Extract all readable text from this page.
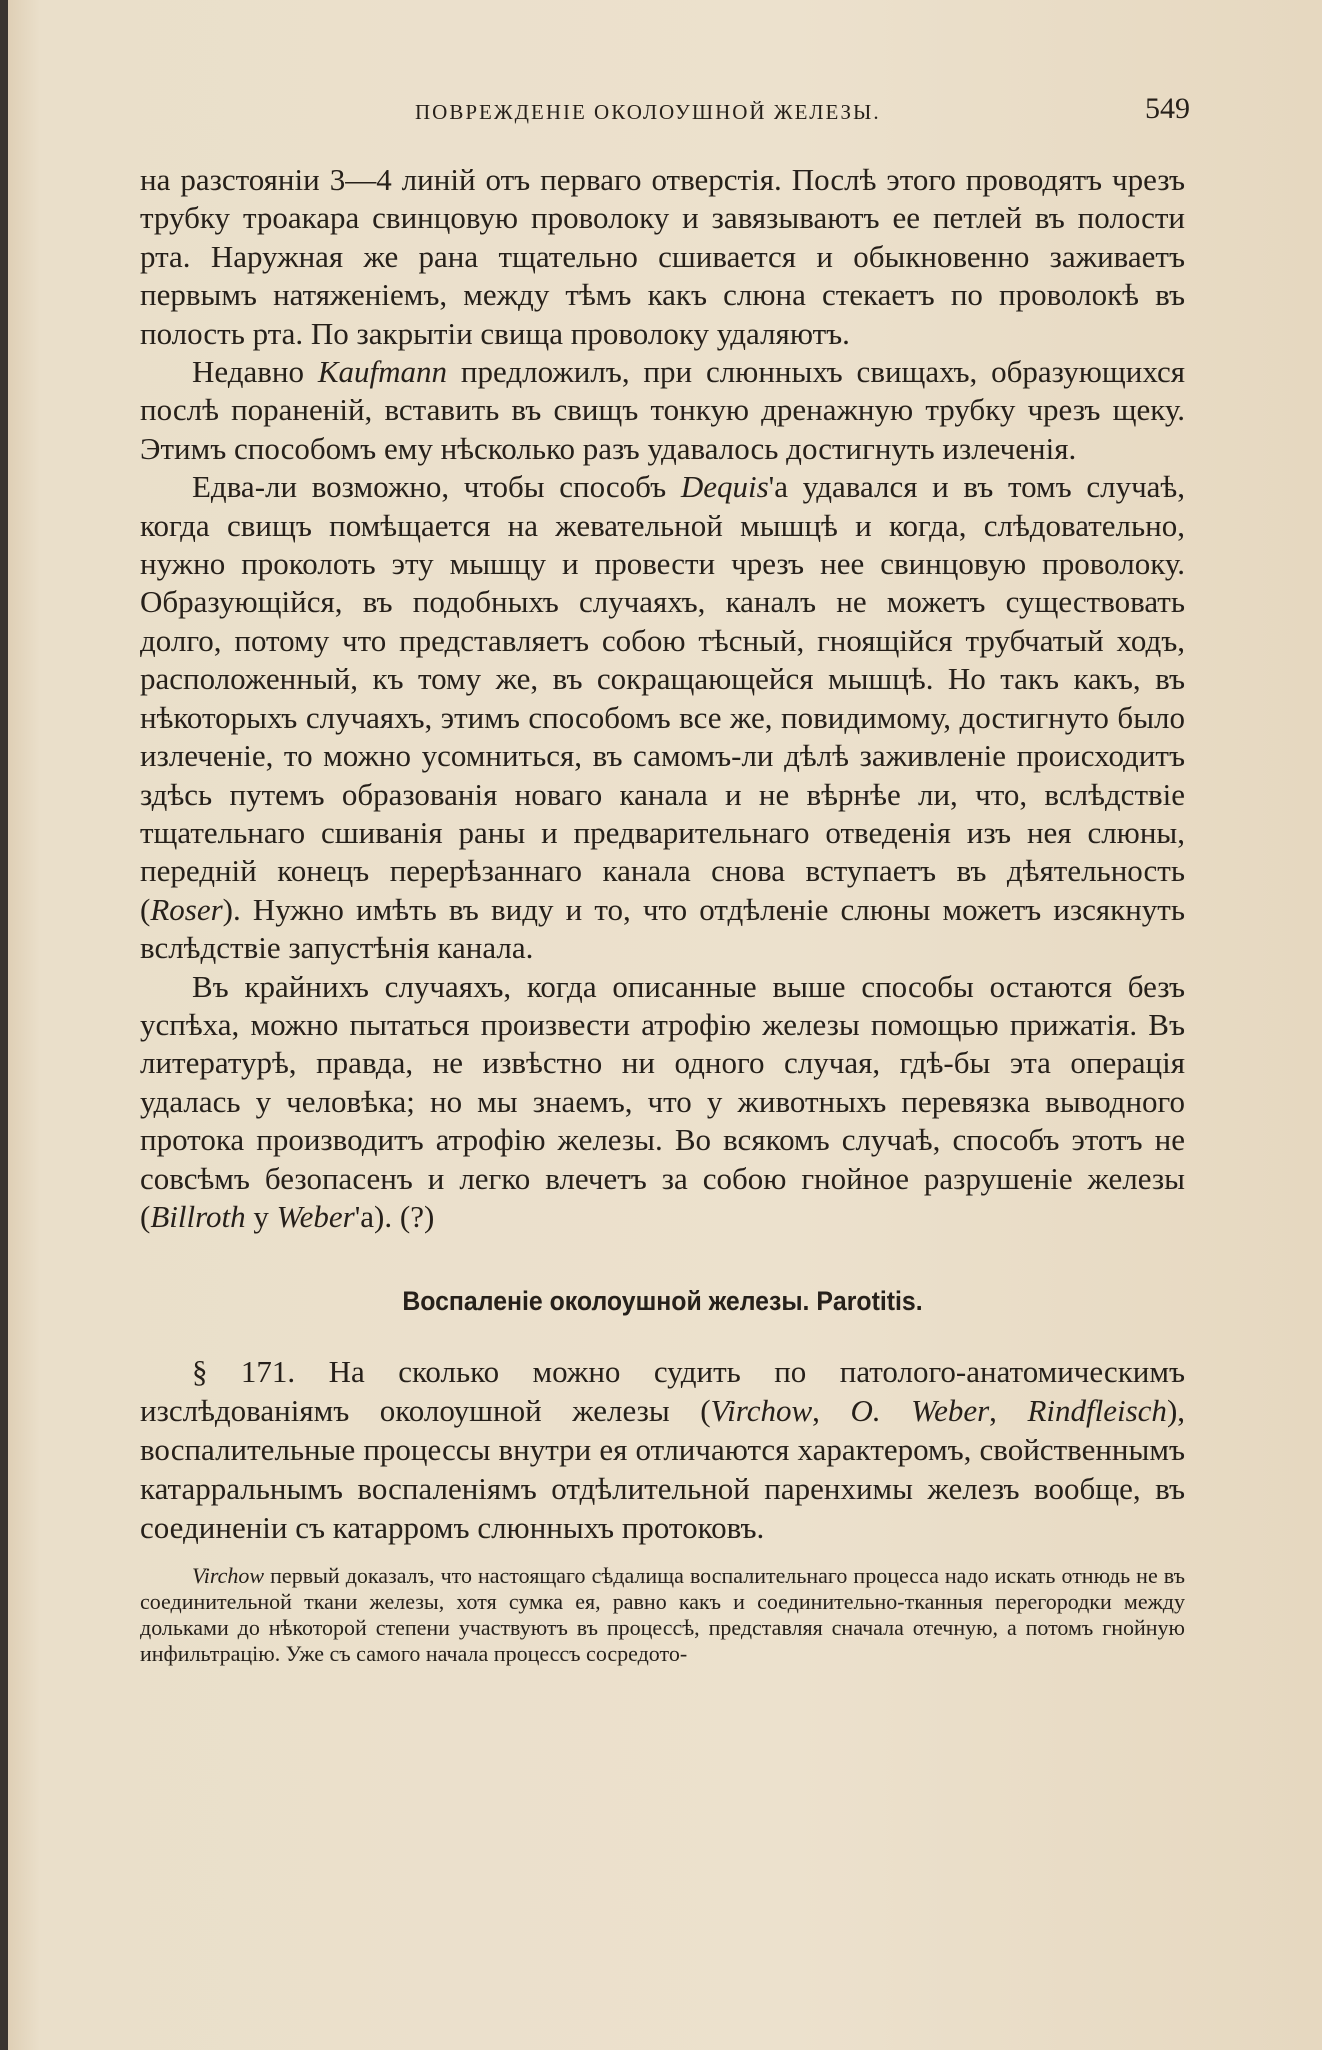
ПОВРЕЖДЕНІЕ ОКОЛОУШНОЙ ЖЕЛЕЗЫ.	549

на разстояніи 3—4 линій отъ перваго отверстія. Послѣ этого проводятъ чрезъ трубку троакара свинцовую проволоку и завязываютъ ее петлей въ полости рта. Наружная же рана тщательно сшивается и обыкновенно заживаетъ первымъ натяженіемъ, между тѣмъ какъ слюна стекаетъ по проволокѣ въ полость рта. По закрытіи свища проволоку удаляютъ.

Недавно Kaufmann предложилъ, при слюнныхъ свищахъ, образующихся послѣ пораненій, вставить въ свищъ тонкую дренажную трубку чрезъ щеку. Этимъ способомъ ему нѣсколько разъ удавалось достигнуть излеченія.

Едва-ли возможно, чтобы способъ Dequis'а удавался и въ томъ случаѣ, когда свищъ помѣщается на жевательной мышцѣ и когда, слѣдовательно, нужно проколоть эту мышцу и провести чрезъ нее свинцовую проволоку. Образующійся, въ подобныхъ случаяхъ, каналъ не можетъ существовать долго, потому что представляетъ собою тѣсный, гноящійся трубчатый ходъ, расположенный, къ тому же, въ сокращающейся мышцѣ. Но такъ какъ, въ нѣкоторыхъ случаяхъ, этимъ способомъ все же, повидимому, достигнуто было излеченіе, то можно усомниться, въ самомъ-ли дѣлѣ заживленіе происходитъ здѣсь путемъ образованія новаго канала и не вѣрнѣе ли, что, вслѣдствіе тщательнаго сшиванія раны и предварительнаго отведенія изъ нея слюны, передній конецъ перерѣзаннаго канала снова вступаетъ въ дѣятельность (Roser). Нужно имѣть въ виду и то, что отдѣленіе слюны можетъ изсякнуть вслѣдствіе запустѣнія канала.

Въ крайнихъ случаяхъ, когда описанные выше способы остаются безъ успѣха, можно пытаться произвести атрофію железы помощью прижатія. Въ литературѣ, правда, не извѣстно ни одного случая, гдѣ-бы эта операція удалась у человѣка; но мы знаемъ, что у животныхъ перевязка выводного протока производитъ атрофію железы. Во всякомъ случаѣ, способъ этотъ не совсѣмъ безопасенъ и легко влечетъ за собою гнойное разрушеніе железы (Billroth у Weber'а). (?)

Воспаленіе околоушной железы. Parotitis.

§ 171. На сколько можно судить по патолого-анатомическимъ изслѣдованіямъ околоушной железы (Virchow, O. Weber, Rindfleisch), воспалительные процессы внутри ея отличаются характеромъ, свойственнымъ катарральнымъ воспаленіямъ отдѣлительной паренхимы железъ вообще, въ соединеніи съ катарромъ слюнныхъ протоковъ.

Virchow первый доказалъ, что настоящаго сѣдалища воспалительнаго процесса надо искать отнюдь не въ соединительной ткани железы, хотя сумка ея, равно какъ и соединительно-тканныя перегородки между дольками до нѣкоторой степени участвуютъ въ процессѣ, представляя сначала отечную, а потомъ гнойную инфильтрацію. Уже съ самого начала процессъ сосредото-
